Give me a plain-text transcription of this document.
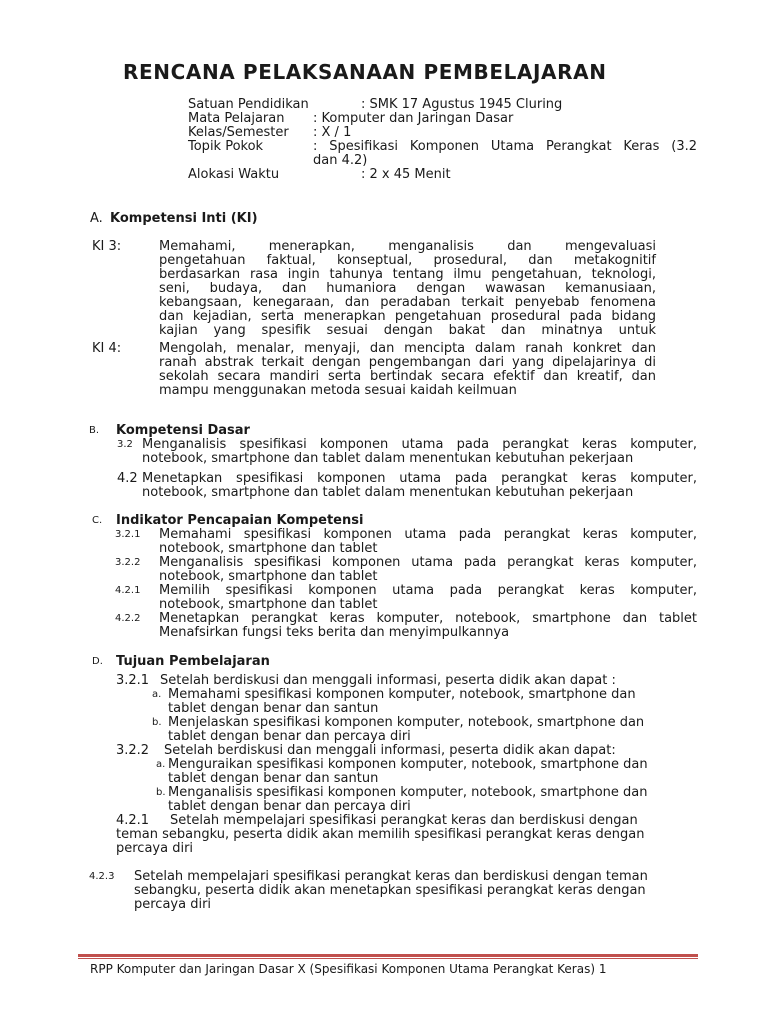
RENCANA PELAKSANAAN PEMBELAJARAN
Satuan Pendidikan	: SMK 17 Agustus 1945 Cluring
Mata Pelajaran : Komputer dan Jaringan Dasar
Kelas/Semester : X / 1
Topik Pokok	: Spesifikasi Komponen Utama Perangkat Keras (3.2
dan 4.2)
Alokasi Waktu	: 2 x 45 Menit
A. Kompetensi Inti (KI)
KI 3:	Memahami, menerapkan, menganalisis dan mengevaluasi
pengetahuan faktual, konseptual, prosedural, dan metakognitif
berdasarkan rasa ingin tahunya tentang ilmu pengetahuan, teknologi,
seni, budaya, dan humaniora dengan wawasan kemanusiaan,
kebangsaan, kenegaraan, dan peradaban terkait penyebab fenomena
dan kejadian, serta menerapkan pengetahuan prosedural pada bidang
kajian yang spesifik sesuai dengan bakat dan minatnya untuk
KI 4:	Mengolah, menalar, menyaji, dan mencipta dalam ranah konkret dan
ranah abstrak terkait dengan pengembangan dari yang dipelajarinya di
sekolah secara mandiri serta bertindak secara efektif dan kreatif, dan
mampu menggunakan metoda sesuai kaidah keilmuan
B. Kompetensi Dasar
3.2 Menganalisis spesifikasi komponen utama pada perangkat keras komputer,
notebook, smartphone dan tablet dalam menentukan kebutuhan pekerjaan
4.2 Menetapkan spesifikasi komponen utama pada perangkat keras komputer,
notebook, smartphone dan tablet dalam menentukan kebutuhan pekerjaan
C. Indikator Pencapaian Kompetensi
3.2.1 Memahami spesifikasi komponen utama pada perangkat keras komputer,
notebook, smartphone dan tablet
3.2.2 Menganalisis spesifikasi komponen utama pada perangkat keras komputer,
notebook, smartphone dan tablet
4.2.1 Memilih spesifikasi komponen utama pada perangkat keras komputer,
notebook, smartphone dan tablet
4.2.2 Menetapkan perangkat keras komputer, notebook, smartphone dan tablet
Menafsirkan fungsi teks berita dan menyimpulkannya
D. Tujuan Pembelajaran
3.2.1 Setelah berdiskusi dan menggali informasi, peserta didik akan dapat :
a. Memahami spesifikasi komponen komputer, notebook, smartphone dan
tablet dengan benar dan santun
b. Menjelaskan spesifikasi komponen komputer, notebook, smartphone dan
tablet dengan benar dan percaya diri
3.2.2 Setelah berdiskusi dan menggali informasi, peserta didik akan dapat:
a. Menguraikan spesifikasi komponen komputer, notebook, smartphone dan
tablet dengan benar dan santun
b. Menganalisis spesifikasi komponen komputer, notebook, smartphone dan
tablet dengan benar dan percaya diri
4.2.1 Setelah mempelajari spesifikasi perangkat keras dan berdiskusi dengan
teman sebangku, peserta didik akan memilih spesifikasi perangkat keras dengan
percaya diri
4.2.3 Setelah mempelajari spesifikasi perangkat keras dan berdiskusi dengan teman
sebangku, peserta didik akan menetapkan spesifikasi perangkat keras dengan
percaya diri
RPP Komputer dan Jaringan Dasar X (Spesifikasi Komponen Utama Perangkat Keras) 1
